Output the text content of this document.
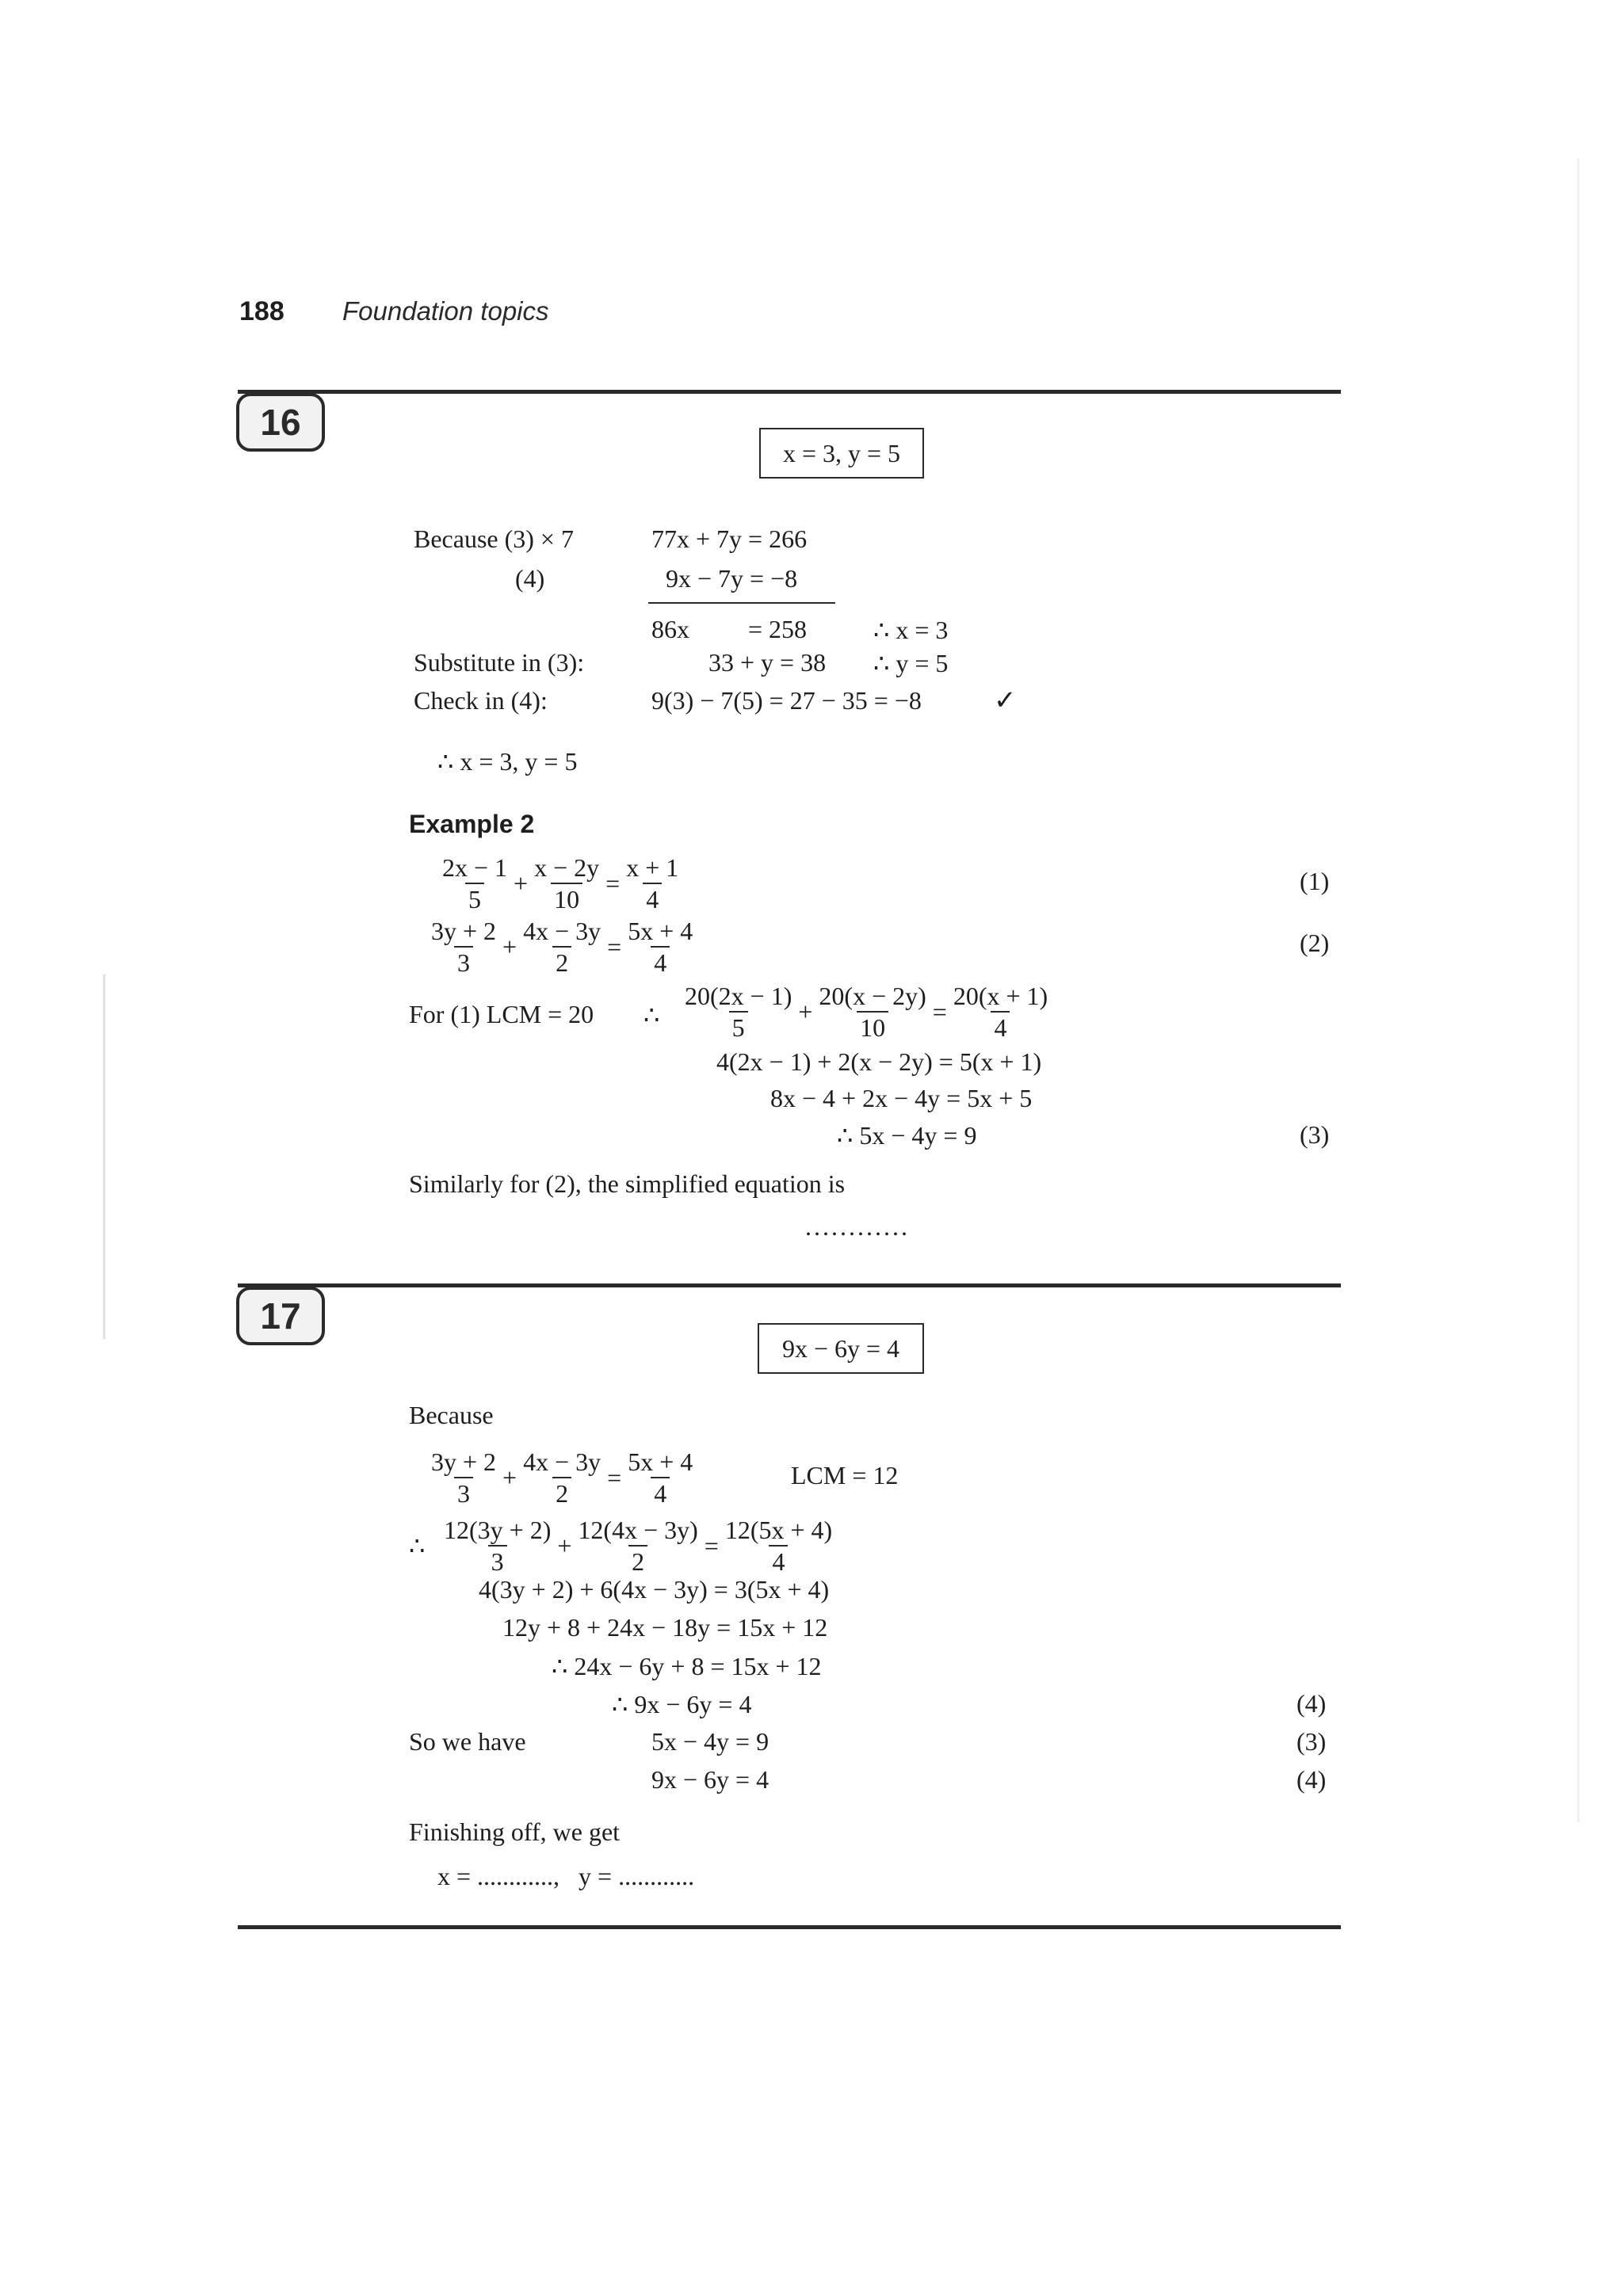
188 Foundation topics
16
x = 3, y = 5
Because (3) × 7	77x + 7y = 266
(4)	9x − 7y = −8
86x = 258	∴ x = 3
Substitute in (3):	33 + y = 38 ∴ y = 5
Check in (4):	9(3) − 7(5) = 27 − 35 = −8	✓
∴ x = 3, y = 5
Example 2
$\frac{2x - 1}{5} + \frac{x - 2y}{10} = \frac{x + 1}{4}$	(1)
$\frac{3y + 2}{3} + \frac{4x - 3y}{2} = \frac{5x + 4}{4}$	(2)
For (1) LCM = 20 ∴ $\frac{20(2x - 1)}{5} + \frac{20(x - 2y)}{10} = \frac{20(x + 1)}{4}$
4(2x − 1) + 2(x − 2y) = 5(x + 1)
8x − 4 + 2x − 4y = 5x + 5
∴ 5x − 4y = 9	(3)
Similarly for (2), the simplified equation is
............
17
9x − 6y = 4
Because
$\frac{3y + 2}{3} + \frac{4x - 3y}{2} = \frac{5x + 4}{4}$	LCM = 12
∴ $\frac{12(3y + 2)}{3} + \frac{12(4x - 3y)}{2} = \frac{12(5x + 4)}{4}$
4(3y + 2) + 6(4x − 3y) = 3(5x + 4)
12y + 8 + 24x − 18y = 15x + 12
∴ 24x − 6y + 8 = 15x + 12
∴ 9x − 6y = 4	(4)
So we have	5x − 4y = 9	(3)
9x − 6y = 4	(4)
Finishing off, we get
x = ............,   y = ............
